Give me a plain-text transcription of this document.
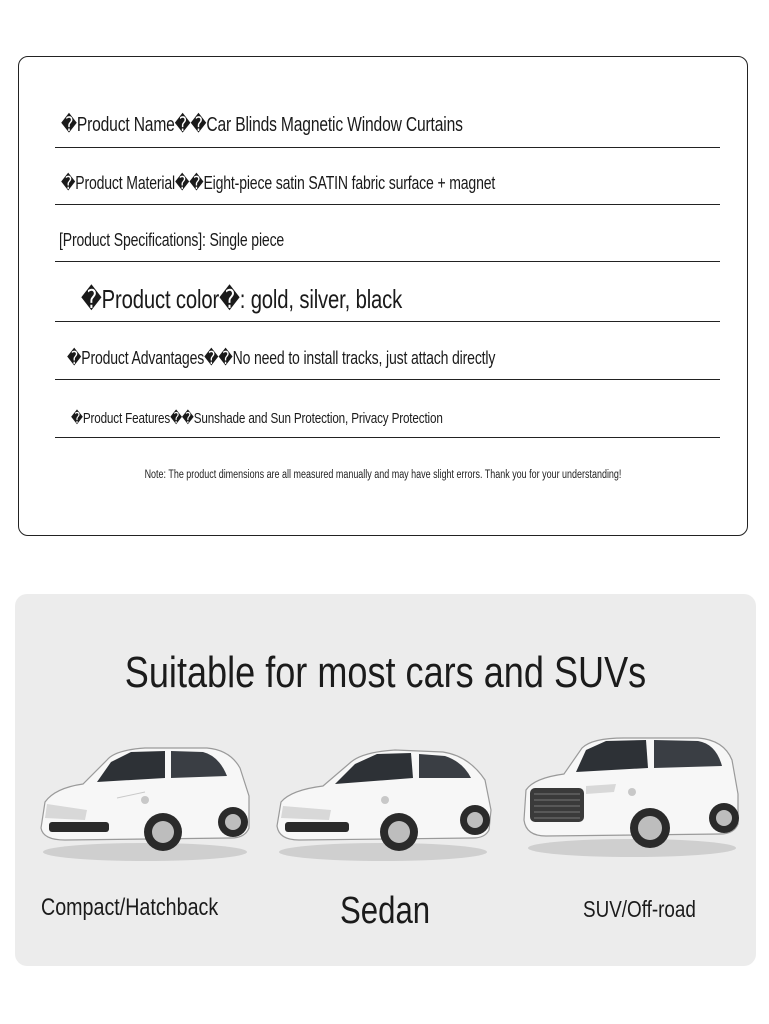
�Product Name��Car Blinds Magnetic Window Curtains
�Product Material��Eight-piece satin SATIN fabric surface + magnet
[Product Specifications]: Single piece
�Product color�: gold, silver, black
�Product Advantages��No need to install tracks, just attach directly
�Product Features��Sunshade and Sun Protection, Privacy Protection
Note: The product dimensions are all measured manually and may have slight errors. Thank you for your understanding!
Suitable for most cars and SUVs
Compact/Hatchback	Sedan	SUV/Off-road
